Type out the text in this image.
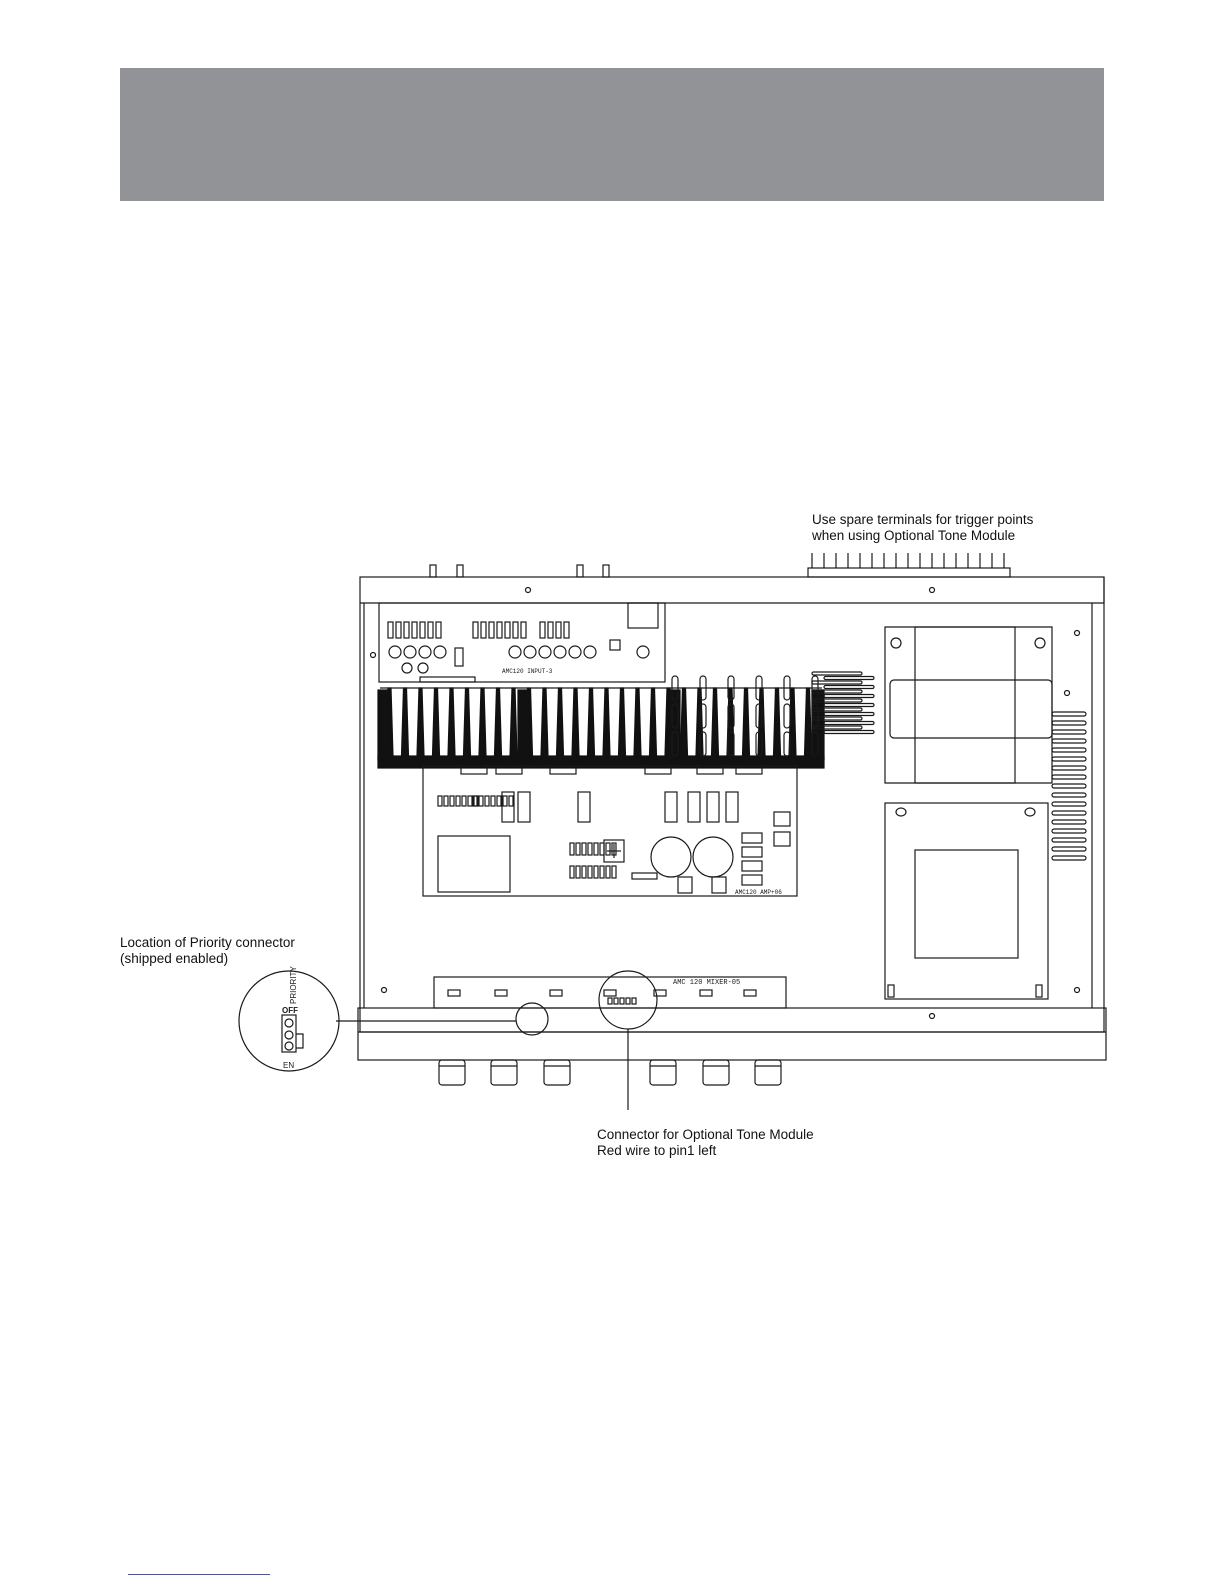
Use spare terminals for trigger points
when using Optional Tone Module
Location of Priority connector
(shipped enabled)
Connector for Optional Tone Module
Red wire to pin1 left
AMC120 INPUT-3
AMC120 AMP+06
AMC 120 MIXER-05
PRIORITY
OFF
EN
